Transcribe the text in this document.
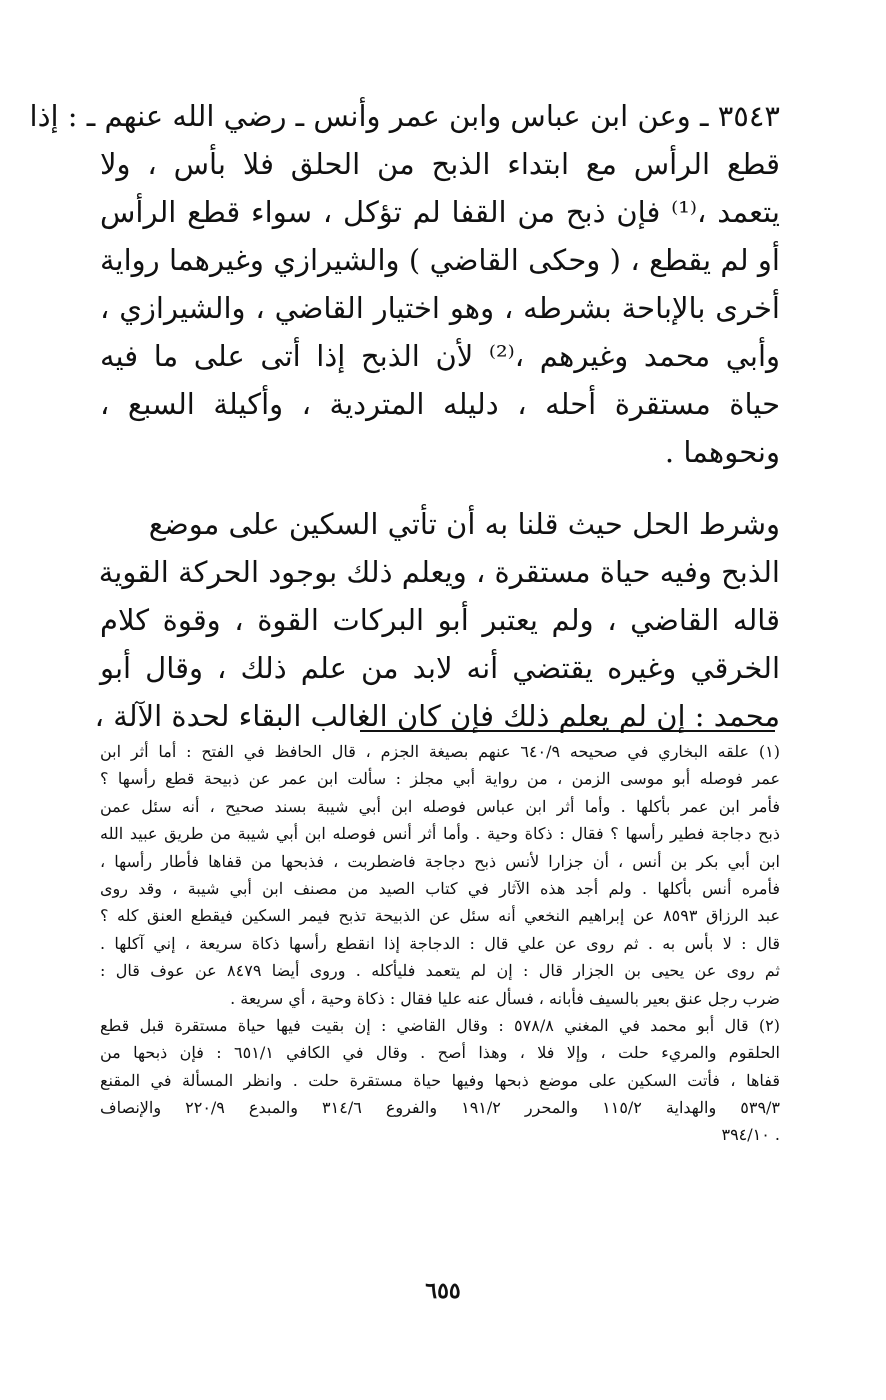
٣٥٤٣ ـ وعن ابن عباس وابن عمر وأنس ـ رضي الله عنهم ـ : إذا
قطع الرأس مع ابتداء الذبح من الحلق فلا بأس ، ولا
يتعمد ،⁽¹⁾ فإن ذبح من القفا لم تؤكل ، سواء قطع الرأس
أو لم يقطع ، ( وحكى القاضي ) والشيرازي وغيرهما رواية
أخرى بالإباحة بشرطه ، وهو اختيار القاضي ، والشيرازي ،
وأبي محمد وغيرهم ،⁽²⁾ لأن الذبح إذا أتى على ما فيه
حياة مستقرة أحله ، دليله المتردية ، وأكيلة السبع ،
ونحوهما .
وشرط الحل حيث قلنا به أن تأتي السكين على موضع
الذبح وفيه حياة مستقرة ، ويعلم ذلك بوجود الحركة القوية
قاله القاضي ، ولم يعتبر أبو البركات القوة ، وقوة كلام
الخرقي وغيره يقتضي أنه لابد من علم ذلك ، وقال أبو
محمد : إن لم يعلم ذلك فإن كان الغالب البقاء لحدة الآلة ،
(١) علقه البخاري في صحيحه ٦٤٠/٩ عنهم بصيغة الجزم ، قال الحافظ في الفتح : أما أثر ابن
عمر فوصله أبو موسى الزمن ، من رواية أبي مجلز : سألت ابن عمر عن ذبيحة قطع رأسها ؟
فأمر ابن عمر بأكلها . وأما أثر ابن عباس فوصله ابن أبي شيبة بسند صحيح ، أنه سئل عمن
ذبح دجاجة فطير رأسها ؟ فقال : ذكاة وحية . وأما أثر أنس فوصله ابن أبي شيبة من طريق عبيد الله
ابن أبي بكر بن أنس ، أن جزارا لأنس ذبح دجاجة فاضطربت ، فذبحها من قفاها فأطار رأسها ،
فأمره أنس بأكلها . ولم أجد هذه الآثار في كتاب الصيد من مصنف ابن أبي شيبة ، وقد روى
عبد الرزاق ٨٥٩٣ عن إبراهيم النخعي أنه سئل عن الذبيحة تذبح فيمر السكين فيقطع العنق كله ؟
قال : لا بأس به . ثم روى عن علي قال : الدجاجة إذا انقطع رأسها ذكاة سريعة ، إني آكلها .
ثم روى عن يحيى بن الجزار قال : إن لم يتعمد فليأكله . وروى أيضا ٨٤٧٩ عن عوف قال :
ضرب رجل عنق بعير بالسيف فأبانه ، فسأل عنه عليا فقال : ذكاة وحية ، أي سريعة .
(٢) قال أبو محمد في المغني ٥٧٨/٨ : وقال القاضي : إن بقيت فيها حياة مستقرة قبل قطع
الحلقوم والمريء حلت ، وإلا فلا ، وهذا أصح . وقال في الكافي ٦٥١/١ : فإن ذبحها من
قفاها ، فأتت السكين على موضع ذبحها وفيها حياة مستقرة حلت . وانظر المسألة في المقنع
٥٣٩/٣ والهداية ١١٥/٢ والمحرر ١٩١/٢ والفروع ٣١٤/٦ والمبدع ٢٢٠/٩ والإنصاف
. ٣٩٤/١٠
٦٥٥
